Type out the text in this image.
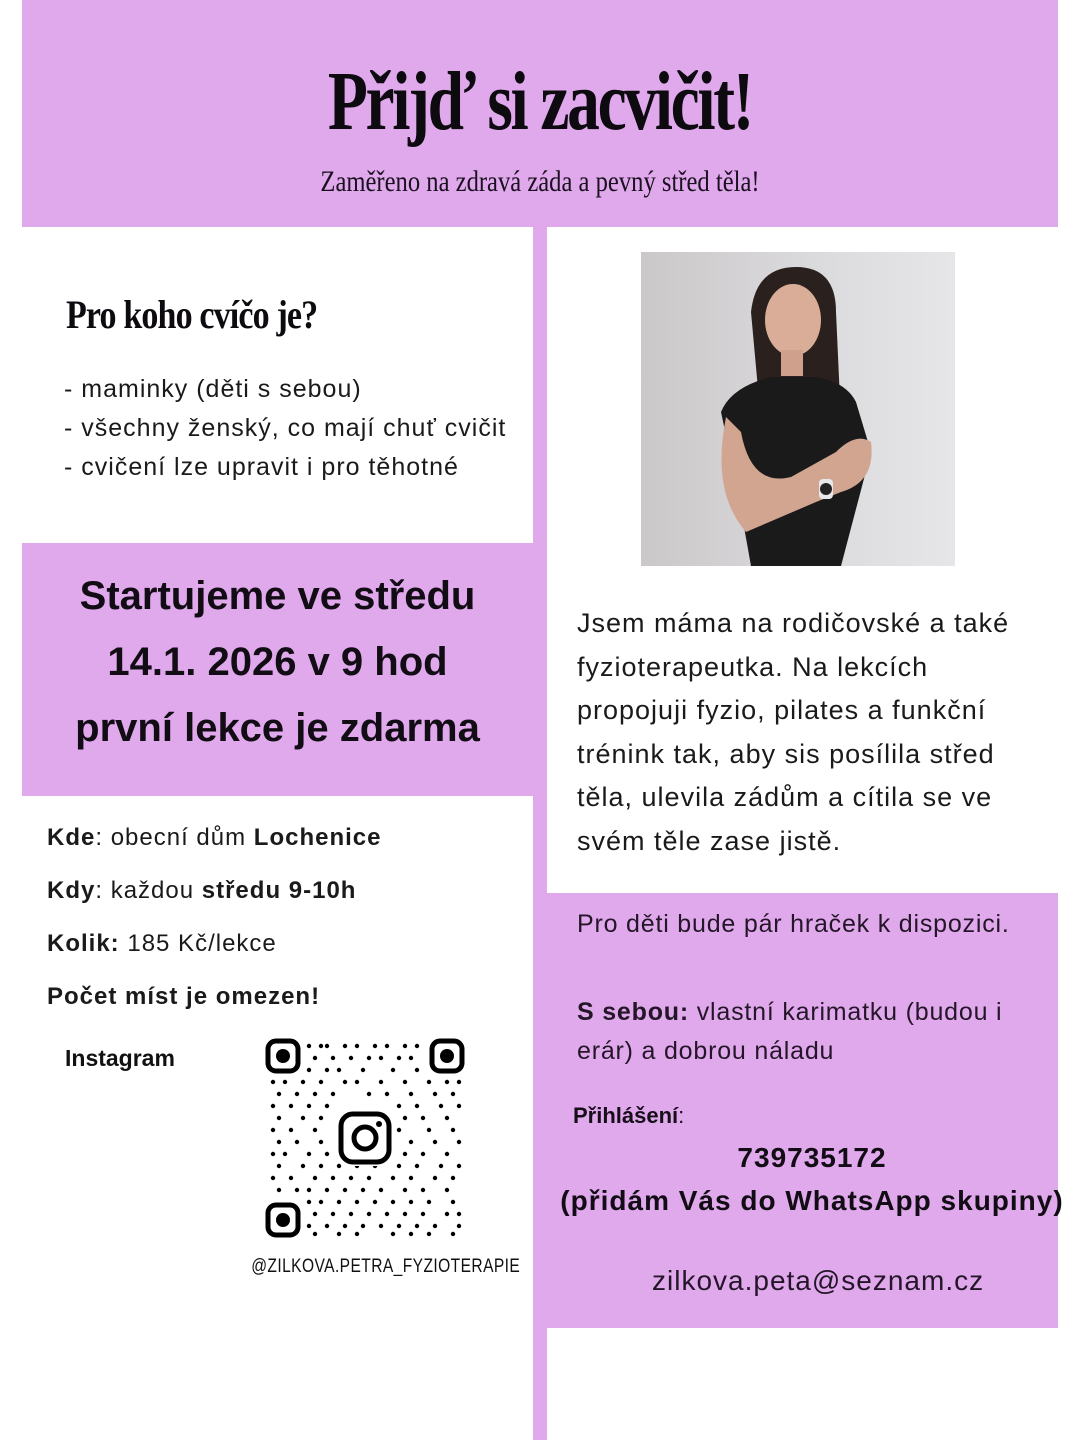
Přijď si zacvičit!
Zaměřeno na zdravá záda a pevný střed těla!
Pro koho cvíčo je?
- maminky (děti s sebou)
- všechny ženský, co mají chuť cvičit
- cvičení lze upravit i pro těhotné
Startujeme ve středu
14.1. 2026 v 9 hod
první lekce je zdarma
Kde: obecní dům Lochenice
Kdy: každou středu 9-10h
Kolik: 185 Kč/lekce
Počet míst je omezen!
Instagram
@ZILKOVA.PETRA_FYZIOTERAPIE
Jsem máma na rodičovské a také fyzioterapeutka. Na lekcích propojuji fyzio, pilates a funkční trénink tak, aby sis posílila střed těla, ulevila zádům a cítila se ve svém těle zase jistě.
Pro děti bude pár hraček k dispozici.
S sebou: vlastní karimatku (budou i erár) a dobrou náladu
Přihlášení:
739735172
(přidám Vás do WhatsApp skupiny)
zilkova.peta@seznam.cz
